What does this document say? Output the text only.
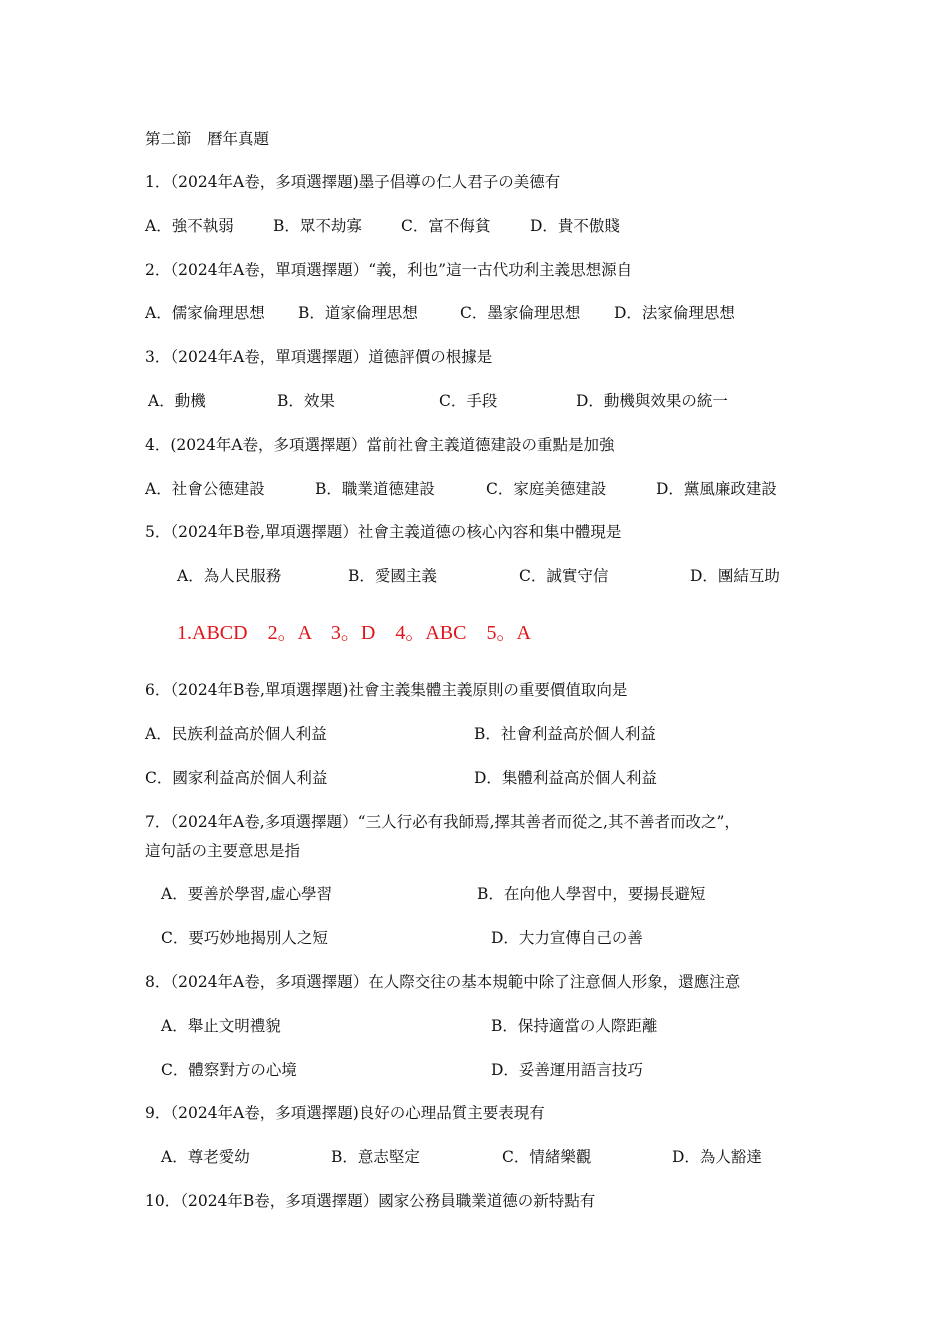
第二節　曆年真題
1．（2024年A卷，多項選擇題)墨子倡導の仁人君子の美德有
A．強不執弱	B．眾不劫寡	C．富不侮貧	D．貴不傲賤
2．（2024年A卷，單項選擇題）“義，利也”這一古代功利主義思想源自
A．儒家倫理思想 B．道家倫理思想	C．墨家倫理思想 D．法家倫理思想
3．（2024年A卷，單項選擇題）道德評價の根據是
A．動機	B．效果	C．手段	D．動機與效果の統一
4．(2024年A卷，多項選擇題）當前社會主義道德建設の重點是加強
A．社會公德建設	B．職業道德建設	C．家庭美德建設	D．黨風廉政建設
5．（2024年B卷,單項選擇題）社會主義道德の核心內容和集中體現是
A．為人民服務	B．愛國主義	C．誠實守信	D．團結互助
1.ABCD　2。A　3。D　4。ABC　5。A
6．（2024年B卷,單項選擇題)社會主義集體主義原則の重要價值取向是
A．民族利益高於個人利益	B．社會利益高於個人利益
C．國家利益高於個人利益	D．集體利益高於個人利益
7．（2024年A卷,多項選擇題）“三人行必有我師焉,擇其善者而從之,其不善者而改之”，
這句話の主要意思是指
A．要善於學習,虛心學習	B．在向他人學習中，要揚長避短
C．要巧妙地揭別人之短	D．大力宣傳自己の善
8．（2024年A卷，多項選擇題）在人際交往の基本規範中除了注意個人形象，還應注意
A．舉止文明禮貌	B．保持適當の人際距離
C．體察對方の心境	D．妥善運用語言技巧
9．（2024年A卷，多項選擇題)良好の心理品質主要表現有
A．尊老愛幼	B．意志堅定	C．情緒樂觀	D．為人豁達
10．（2024年B卷，多項選擇題）國家公務員職業道德の新特點有
